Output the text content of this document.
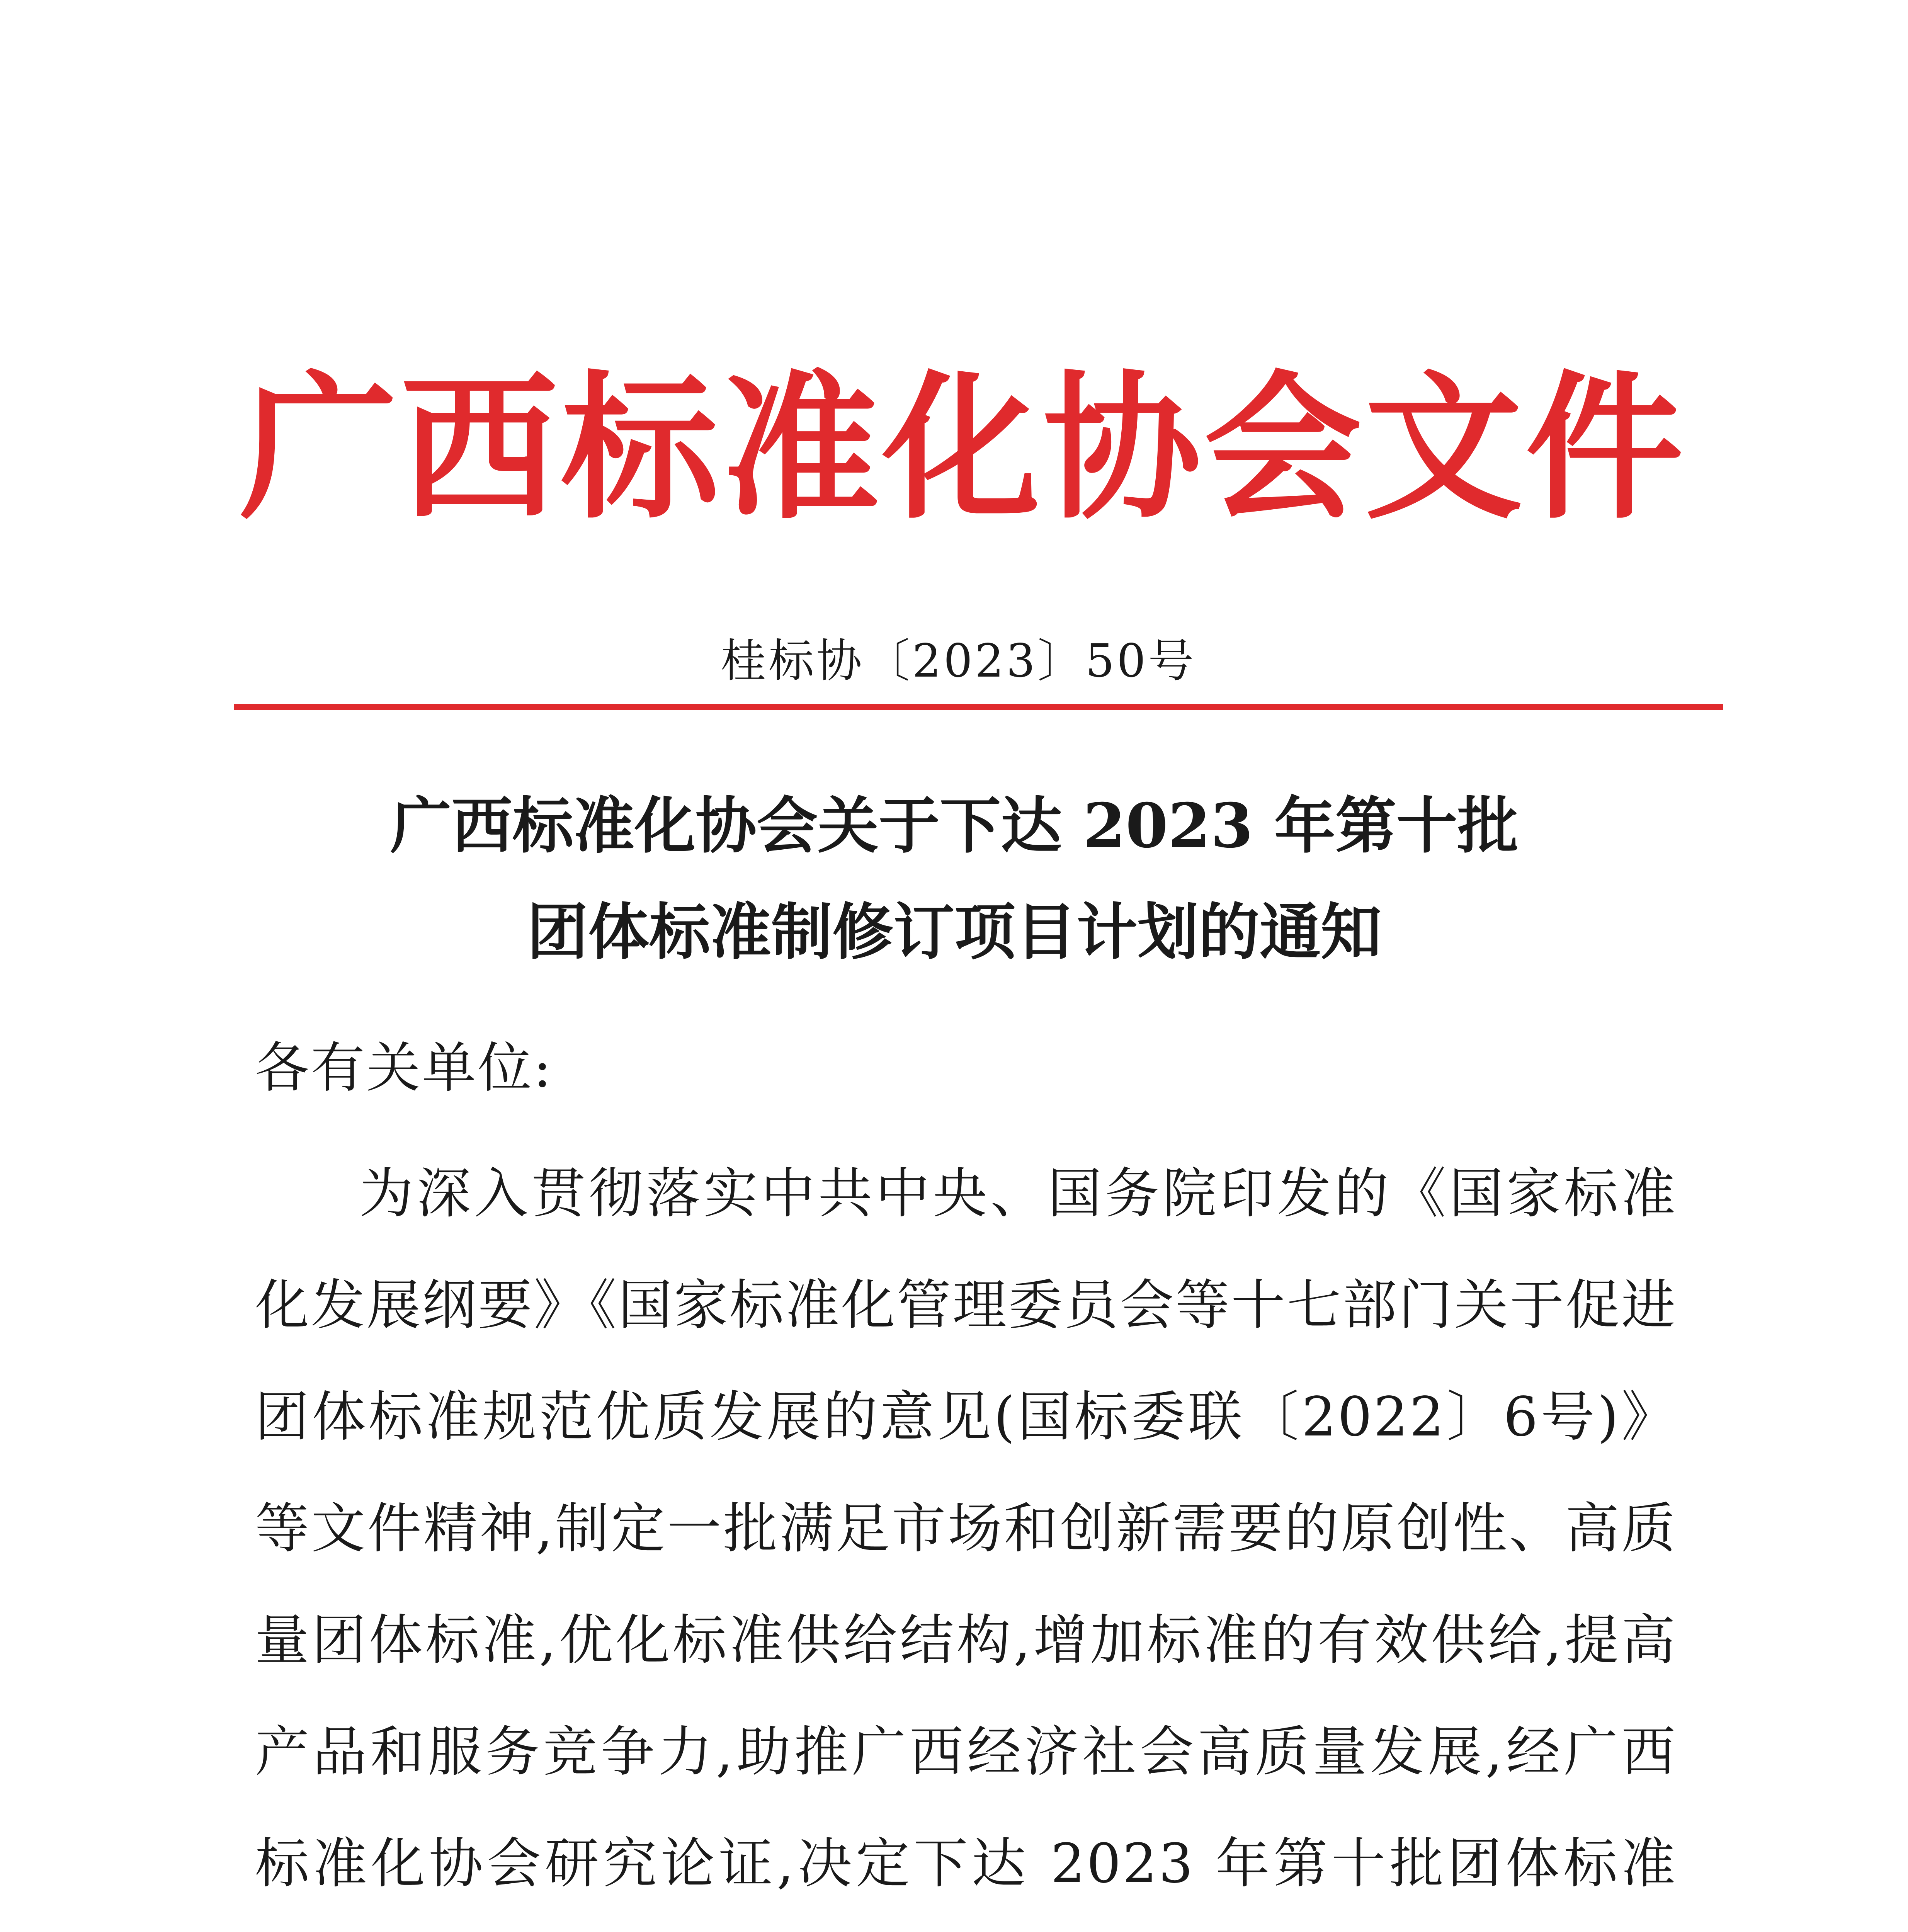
广西标准化协会文件
桂标协〔2023〕50号
广西标准化协会关于下达 2023 年第十批
团体标准制修订项目计划的通知
各有关单位:

为深入贯彻落实中共中央、国务院印发的《国家标准化发展纲要》《国家标准化管理委员会等十七部门关于促进团体标准规范优质发展的意见(国标委联〔2022〕6号)》等文件精神,制定一批满足市场和创新需要的原创性、高质量团体标准,优化标准供给结构,增加标准的有效供给,提高产品和服务竞争力,助推广西经济社会高质量发展,经广西标准化协会研究论证,决定下达 2023 年第十批团体标准
